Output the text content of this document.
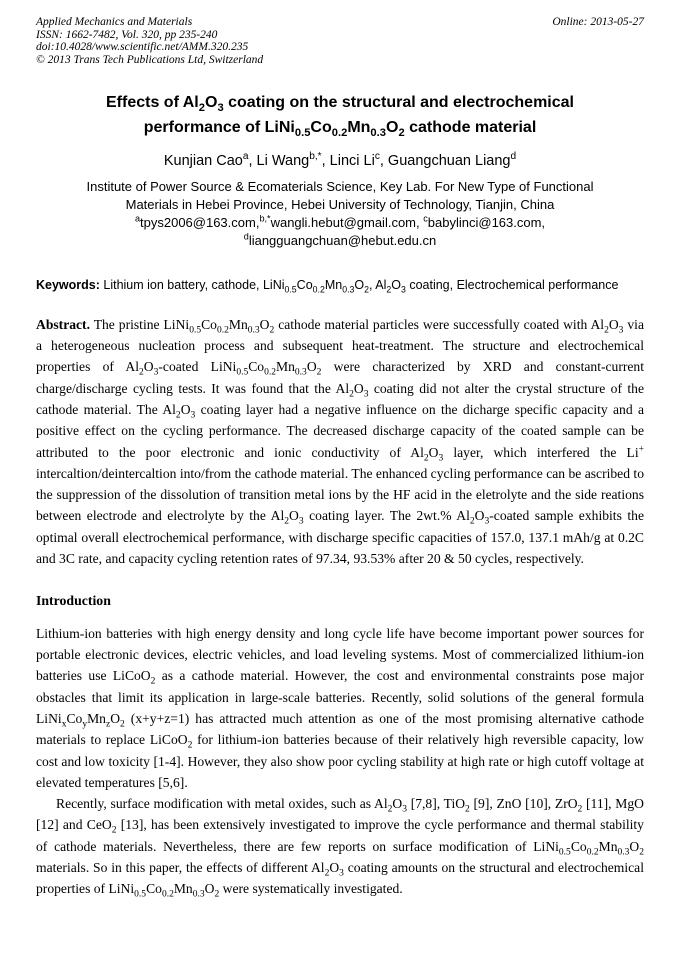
Applied Mechanics and Materials
ISSN: 1662-7482, Vol. 320, pp 235-240
doi:10.4028/www.scientific.net/AMM.320.235
© 2013 Trans Tech Publications Ltd, Switzerland
Online: 2013-05-27
Effects of $Al_2O_3$ coating on the structural and electrochemical
performance of $LiNi_{0.5}Co_{0.2}Mn_{0.3}O_2$ cathode material
Kunjian Cao$^a$, Li Wang$^{b,*}$, Linci Li$^c$, Guangchuan Liang$^d$
Institute of Power Source & Ecomaterials Science, Key Lab. For New Type of Functional
Materials in Hebei Province, Hebei University of Technology, Tianjin, China
$^a$tpys2006@163.com,$^{b,*}$wangli.hebut@gmail.com, $^c$babylinci@163.com,
$^d$liangguangchuan@hebut.edu.cn

Keywords: Lithium ion battery, cathode, $LiNi_{0.5}Co_{0.2}Mn_{0.3}O_2$, $Al_2O_3$ coating, Electrochemical performance

Abstract. The pristine $LiNi_{0.5}Co_{0.2}Mn_{0.3}O_2$ cathode material particles were successfully coated with $Al_2O_3$ via a heterogeneous nucleation process and subsequent heat-treatment. The structure and electrochemical properties of $Al_2O_3$-coated $LiNi_{0.5}Co_{0.2}Mn_{0.3}O_2$ were characterized by XRD and constant-current charge/discharge cycling tests. It was found that the $Al_2O_3$ coating did not alter the crystal structure of the cathode material. The $Al_2O_3$ coating layer had a negative influence on the dicharge specific capacity and a positive effect on the cycling performance. The decreased discharge capacity of the coated sample can be attributed to the poor electronic and ionic conductivity of $Al_2O_3$ layer, which interfered the Li+ intercaltion/deintercaltion into/from the cathode material. The enhanced cycling performance can be ascribed to the suppression of the dissolution of transition metal ions by the HF acid in the eletrolyte and the side reations between electrode and electrolyte by the $Al_2O_3$ coating layer. The 2wt.% $Al_2O_3$-coated sample exhibits the optimal overall electrochemical performance, with discharge specific capacities of 157.0, 137.1 mAh/g at 0.2C and 3C rate, and capacity cycling retention rates of 97.34, 93.53% after 20 & 50 cycles, respectively.

Introduction

Lithium-ion batteries with high energy density and long cycle life have become important power sources for portable electronic devices, electric vehicles, and load leveling systems. Most of commercialized lithium-ion batteries use LiCoO$_2$ as a cathode material. However, the cost and environmental constraints pose major obstacles that limit its application in large-scale batteries. Recently, solid solutions of the general formula $LiNi_xCo_yMn_zO_2$ (x+y+z=1) has attracted much attention as one of the most promising alternative cathode materials to replace LiCoO$_2$ for lithium-ion batteries because of their relatively high reversible capacity, low cost and low toxicity [1-4]. However, they also show poor cycling stability at high rate or high cutoff voltage at elevated temperatures [5,6].

Recently, surface modification with metal oxides, such as $Al_2O_3$ [7,8], TiO$_2$ [9], ZnO [10], ZrO$_2$ [11], MgO [12] and CeO$_2$ [13], has been extensively investigated to improve the cycle performance and thermal stability of cathode materials. Nevertheless, there are few reports on surface modification of $LiNi_{0.5}Co_{0.2}Mn_{0.3}O_2$ materials. So in this paper, the effects of different $Al_2O_3$ coating amounts on the structural and electrochemical properties of $LiNi_{0.5}Co_{0.2}Mn_{0.3}O_2$ were systematically investigated.
